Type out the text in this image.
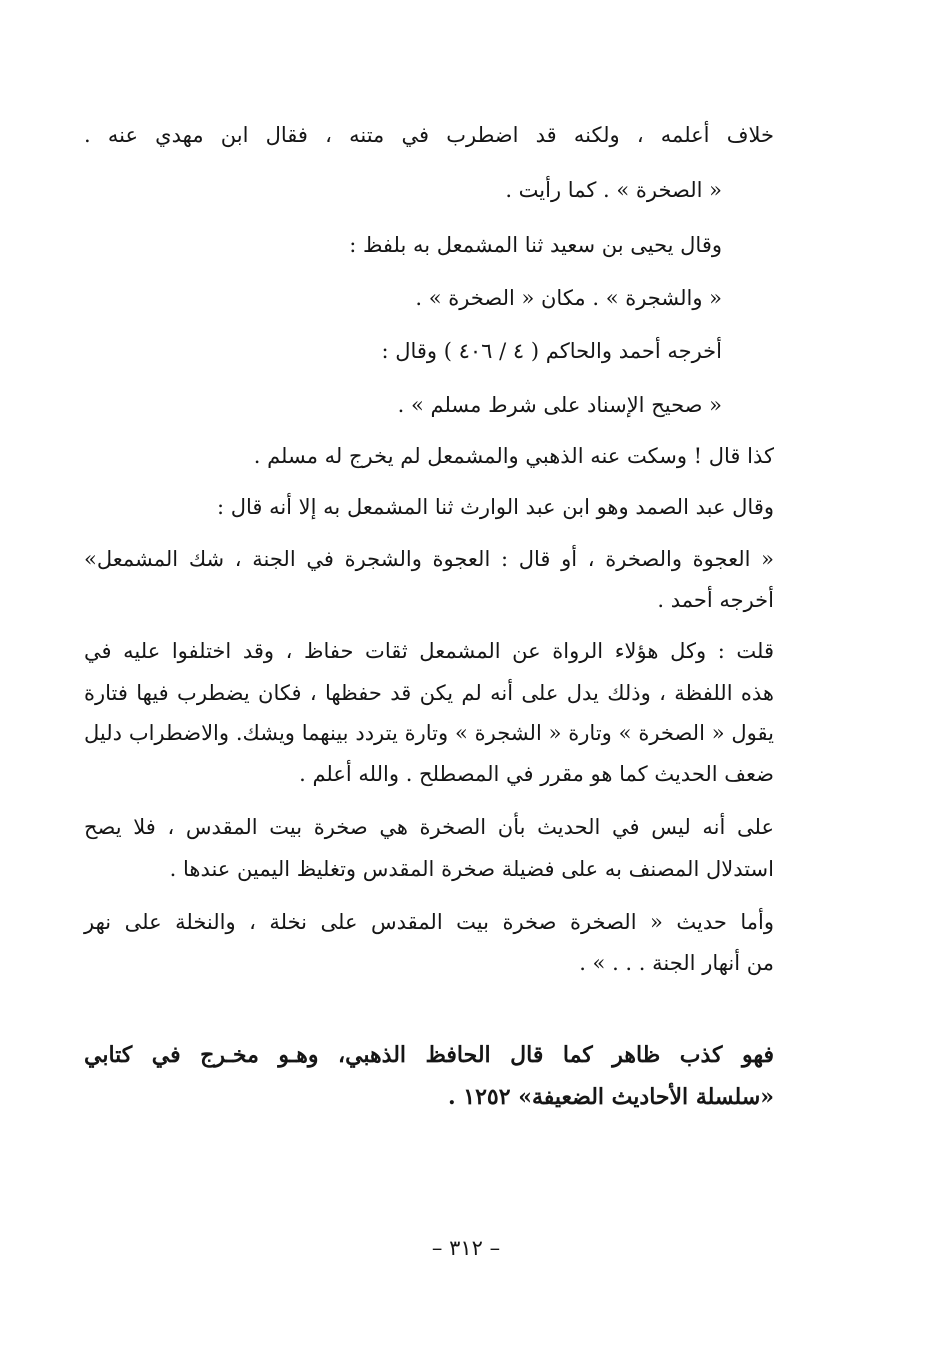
خلاف أعلمه ، ولكنه قد اضطرب في متنه ، فقال ابن مهدي عنه .
« الصخرة » . كما رأيت .
وقال يحيى بن سعيد ثنا المشمعل به بلفظ :
« والشجرة » . مكان « الصخرة » .
أخرجه أحمد والحاكم ( ٤ / ٤٠٦ ) وقال :
« صحيح الإسناد على شرط مسلم » .
كذا قال ! وسكت عنه الذهبي والمشمعل لم يخرج له مسلم .
وقال عبد الصمد وهو ابن عبد الوارث ثنا المشمعل به إلا أنه قال :
« العجوة والصخرة ، أو قال : العجوة والشجرة في الجنة ، شك المشمعل»
أخرجه أحمد .
قلت : وكل هؤلاء الرواة عن المشمعل ثقات حفاظ ، وقد اختلفوا عليه في
هذه اللفظة ، وذلك يدل على أنه لم يكن قد حفظها ، فكان يضطرب فيها فتارة
يقول « الصخرة » وتارة « الشجرة » وتارة يتردد بينهما ويشك. والاضطراب دليل
ضعف الحديث كما هو مقرر في المصطلح . والله أعلم .
على أنه ليس في الحديث بأن الصخرة هي صخرة بيت المقدس ، فلا يصح
استدلال المصنف به على فضيلة صخرة المقدس وتغليظ اليمين عندها .
وأما حديث « الصخرة صخرة بيت المقدس على نخلة ، والنخلة على نهر
من أنهار الجنة . . . » .
فهو كذب ظاهر كما قال الحافظ الذهبي، وهـو مخـرج في كتابي
«سلسلة الأحاديث الضعيفة» ١٢٥٢ .
– ٣١٢ –
